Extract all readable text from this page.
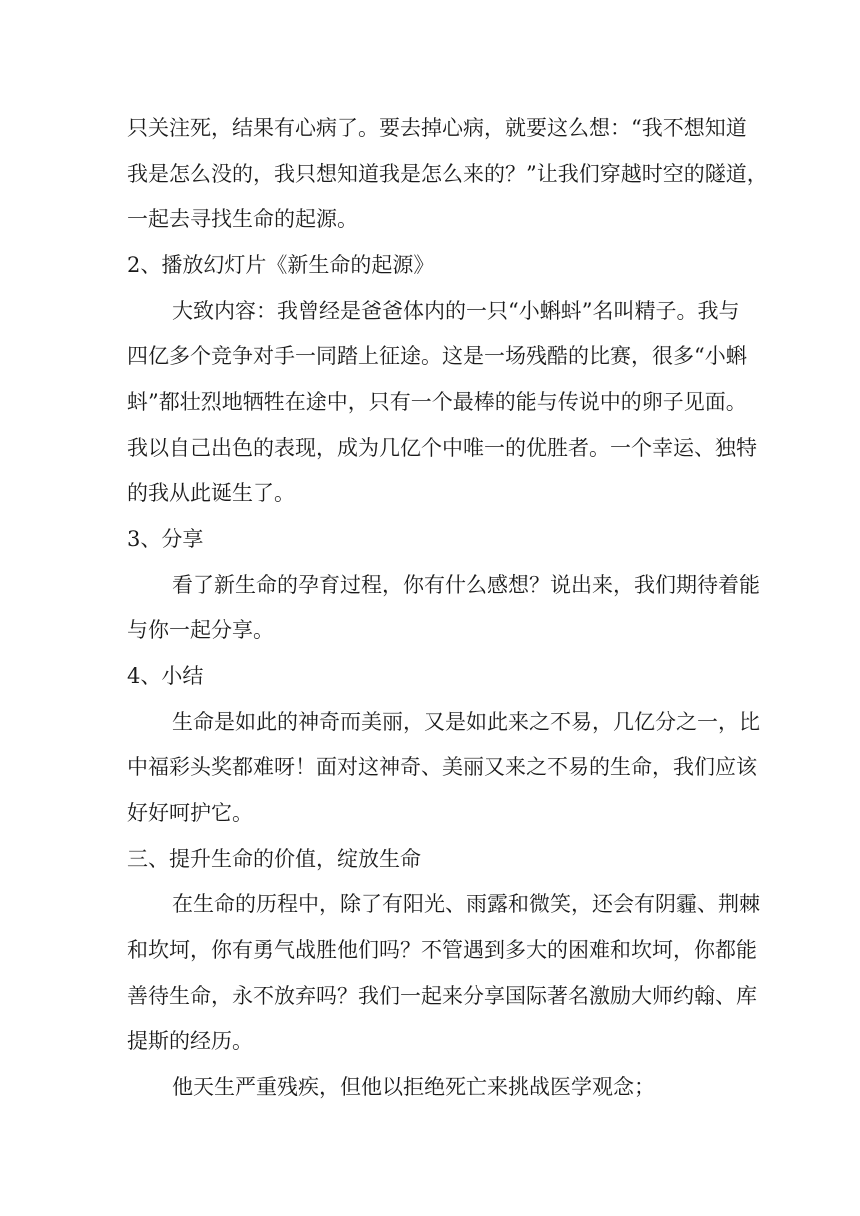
只关注死，结果有心病了。要去掉心病，就要这么想：“我不想知道
我是怎么没的，我只想知道我是怎么来的？”让我们穿越时空的隧道，
一起去寻找生命的起源。
2、播放幻灯片《新生命的起源》
大致内容：我曾经是爸爸体内的一只“小蝌蚪”名叫精子。我与
四亿多个竞争对手一同踏上征途。这是一场残酷的比赛，很多“小蝌
蚪”都壮烈地牺牲在途中，只有一个最棒的能与传说中的卵子见面。
我以自己出色的表现，成为几亿个中唯一的优胜者。一个幸运、独特
的我从此诞生了。
3、分享
看了新生命的孕育过程，你有什么感想？说出来，我们期待着能
与你一起分享。
4、小结
生命是如此的神奇而美丽，又是如此来之不易，几亿分之一，比
中福彩头奖都难呀！面对这神奇、美丽又来之不易的生命，我们应该
好好呵护它。
三、提升生命的价值，绽放生命
在生命的历程中，除了有阳光、雨露和微笑，还会有阴霾、荆棘
和坎坷，你有勇气战胜他们吗？不管遇到多大的困难和坎坷，你都能
善待生命，永不放弃吗？我们一起来分享国际著名激励大师约翰、库
提斯的经历。
他天生严重残疾，但他以拒绝死亡来挑战医学观念；
